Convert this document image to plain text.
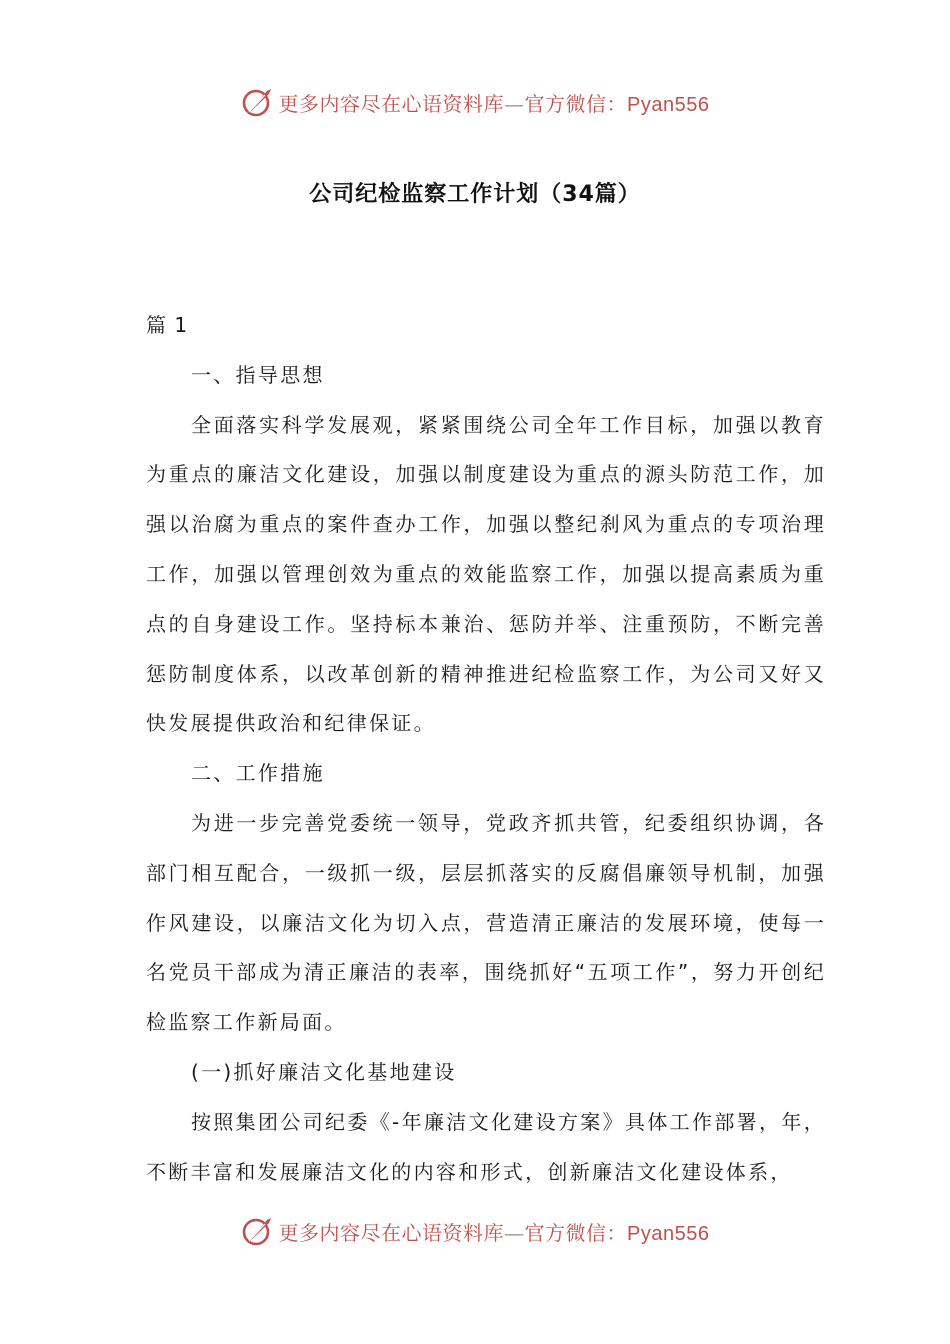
更多内容尽在心语资料库—官方微信：Pyan556
公司纪检监察工作计划（34篇）

篇 1

一、指导思想

全面落实科学发展观，紧紧围绕公司全年工作目标，加强以教育为重点的廉洁文化建设，加强以制度建设为重点的源头防范工作，加强以治腐为重点的案件查办工作，加强以整纪刹风为重点的专项治理工作，加强以管理创效为重点的效能监察工作，加强以提高素质为重点的自身建设工作。坚持标本兼治、惩防并举、注重预防，不断完善惩防制度体系，以改革创新的精神推进纪检监察工作，为公司又好又快发展提供政治和纪律保证。

二、工作措施

为进一步完善党委统一领导，党政齐抓共管，纪委组织协调，各部门相互配合，一级抓一级，层层抓落实的反腐倡廉领导机制，加强作风建设，以廉洁文化为切入点，营造清正廉洁的发展环境，使每一名党员干部成为清正廉洁的表率，围绕抓好“五项工作”，努力开创纪检监察工作新局面。

(一)抓好廉洁文化基地建设

按照集团公司纪委《-年廉洁文化建设方案》具体工作部署，年，不断丰富和发展廉洁文化的内容和形式，创新廉洁文化建设体系，

更多内容尽在心语资料库—官方微信：Pyan556
